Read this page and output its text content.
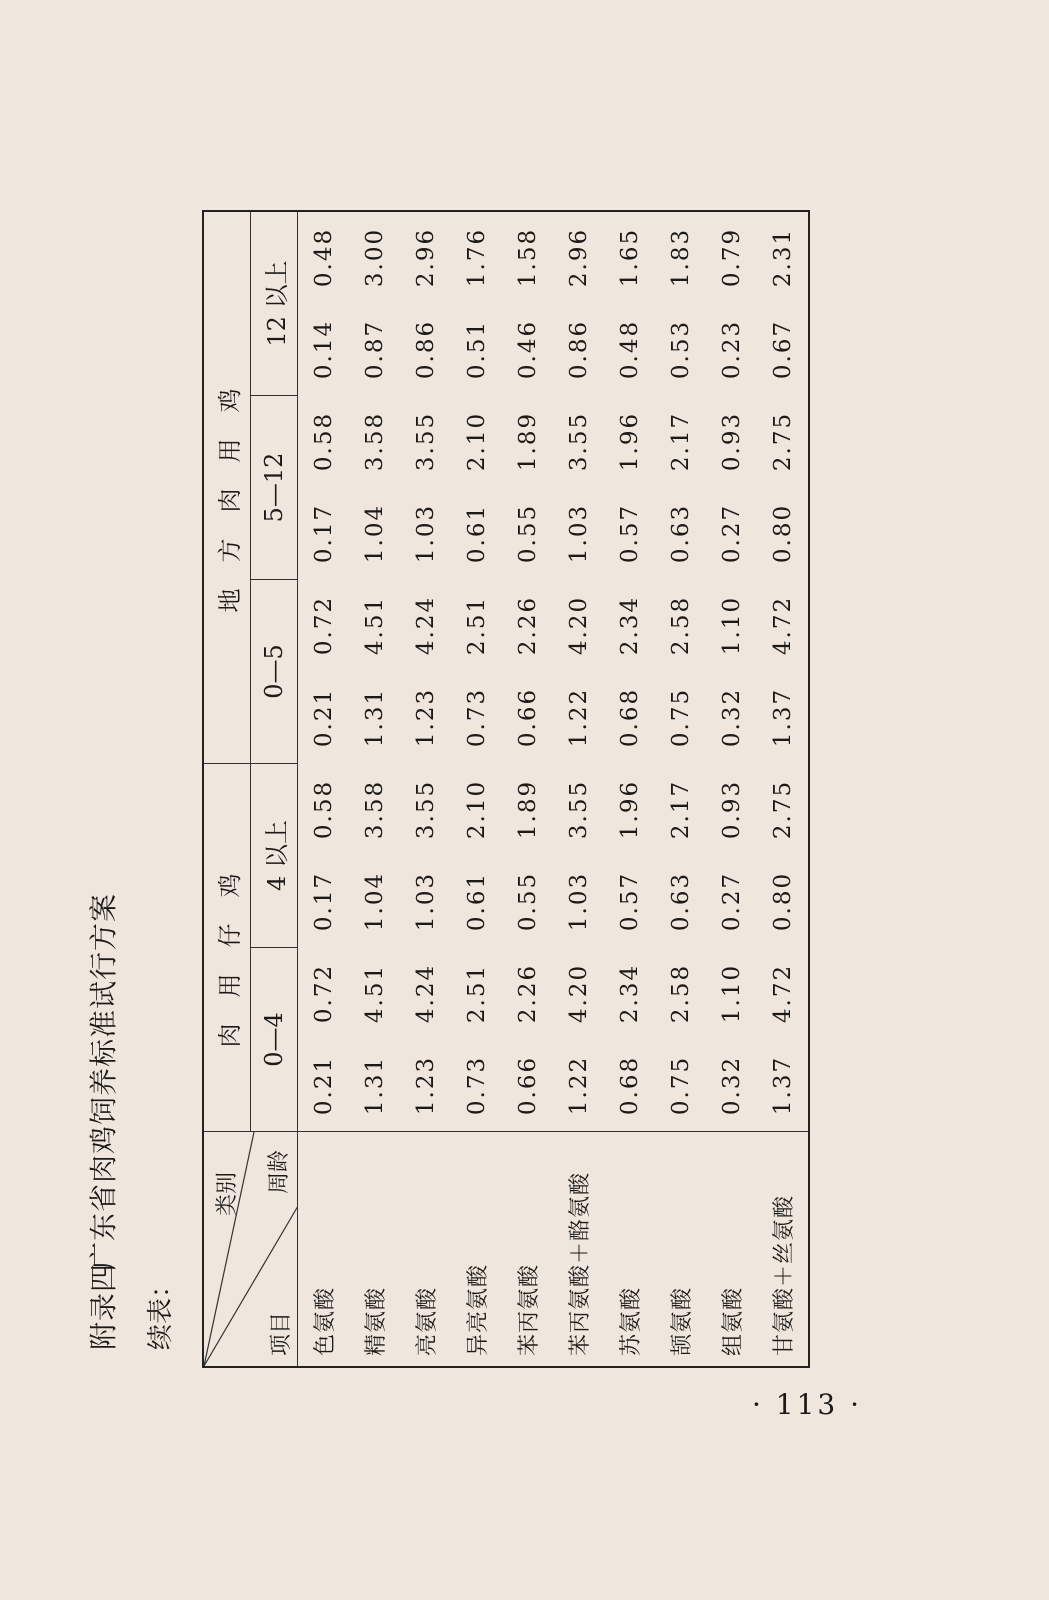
附录四
广东省肉鸡饲养标准试行方案
续表：
类别 周龄
项目	肉用仔鸡				地方肉用鸡					
	0—4		4 以上		0—5		5—12		12 以上	
色氨酸	0.21	0.72	0.17	0.58	0.21	0.72	0.17	0.58	0.14	0.48
精氨酸	1.31	4.51	1.04	3.58	1.31	4.51	1.04	3.58	0.87	3.00
亮氨酸	1.23	4.24	1.03	3.55	1.23	4.24	1.03	3.55	0.86	2.96
异亮氨酸	0.73	2.51	0.61	2.10	0.73	2.51	0.61	2.10	0.51	1.76
苯丙氨酸	0.66	2.26	0.55	1.89	0.66	2.26	0.55	1.89	0.46	1.58
苯丙氨酸＋酪氨酸	1.22	4.20	1.03	3.55	1.22	4.20	1.03	3.55	0.86	2.96
苏氨酸	0.68	2.34	0.57	1.96	0.68	2.34	0.57	1.96	0.48	1.65
颉氨酸	0.75	2.58	0.63	2.17	0.75	2.58	0.63	2.17	0.53	1.83
组氨酸	0.32	1.10	0.27	0.93	0.32	1.10	0.27	0.93	0.23	0.79
甘氨酸＋丝氨酸	1.37	4.72	0.80	2.75	1.37	4.72	0.80	2.75	0.67	2.31
· 113 ·
